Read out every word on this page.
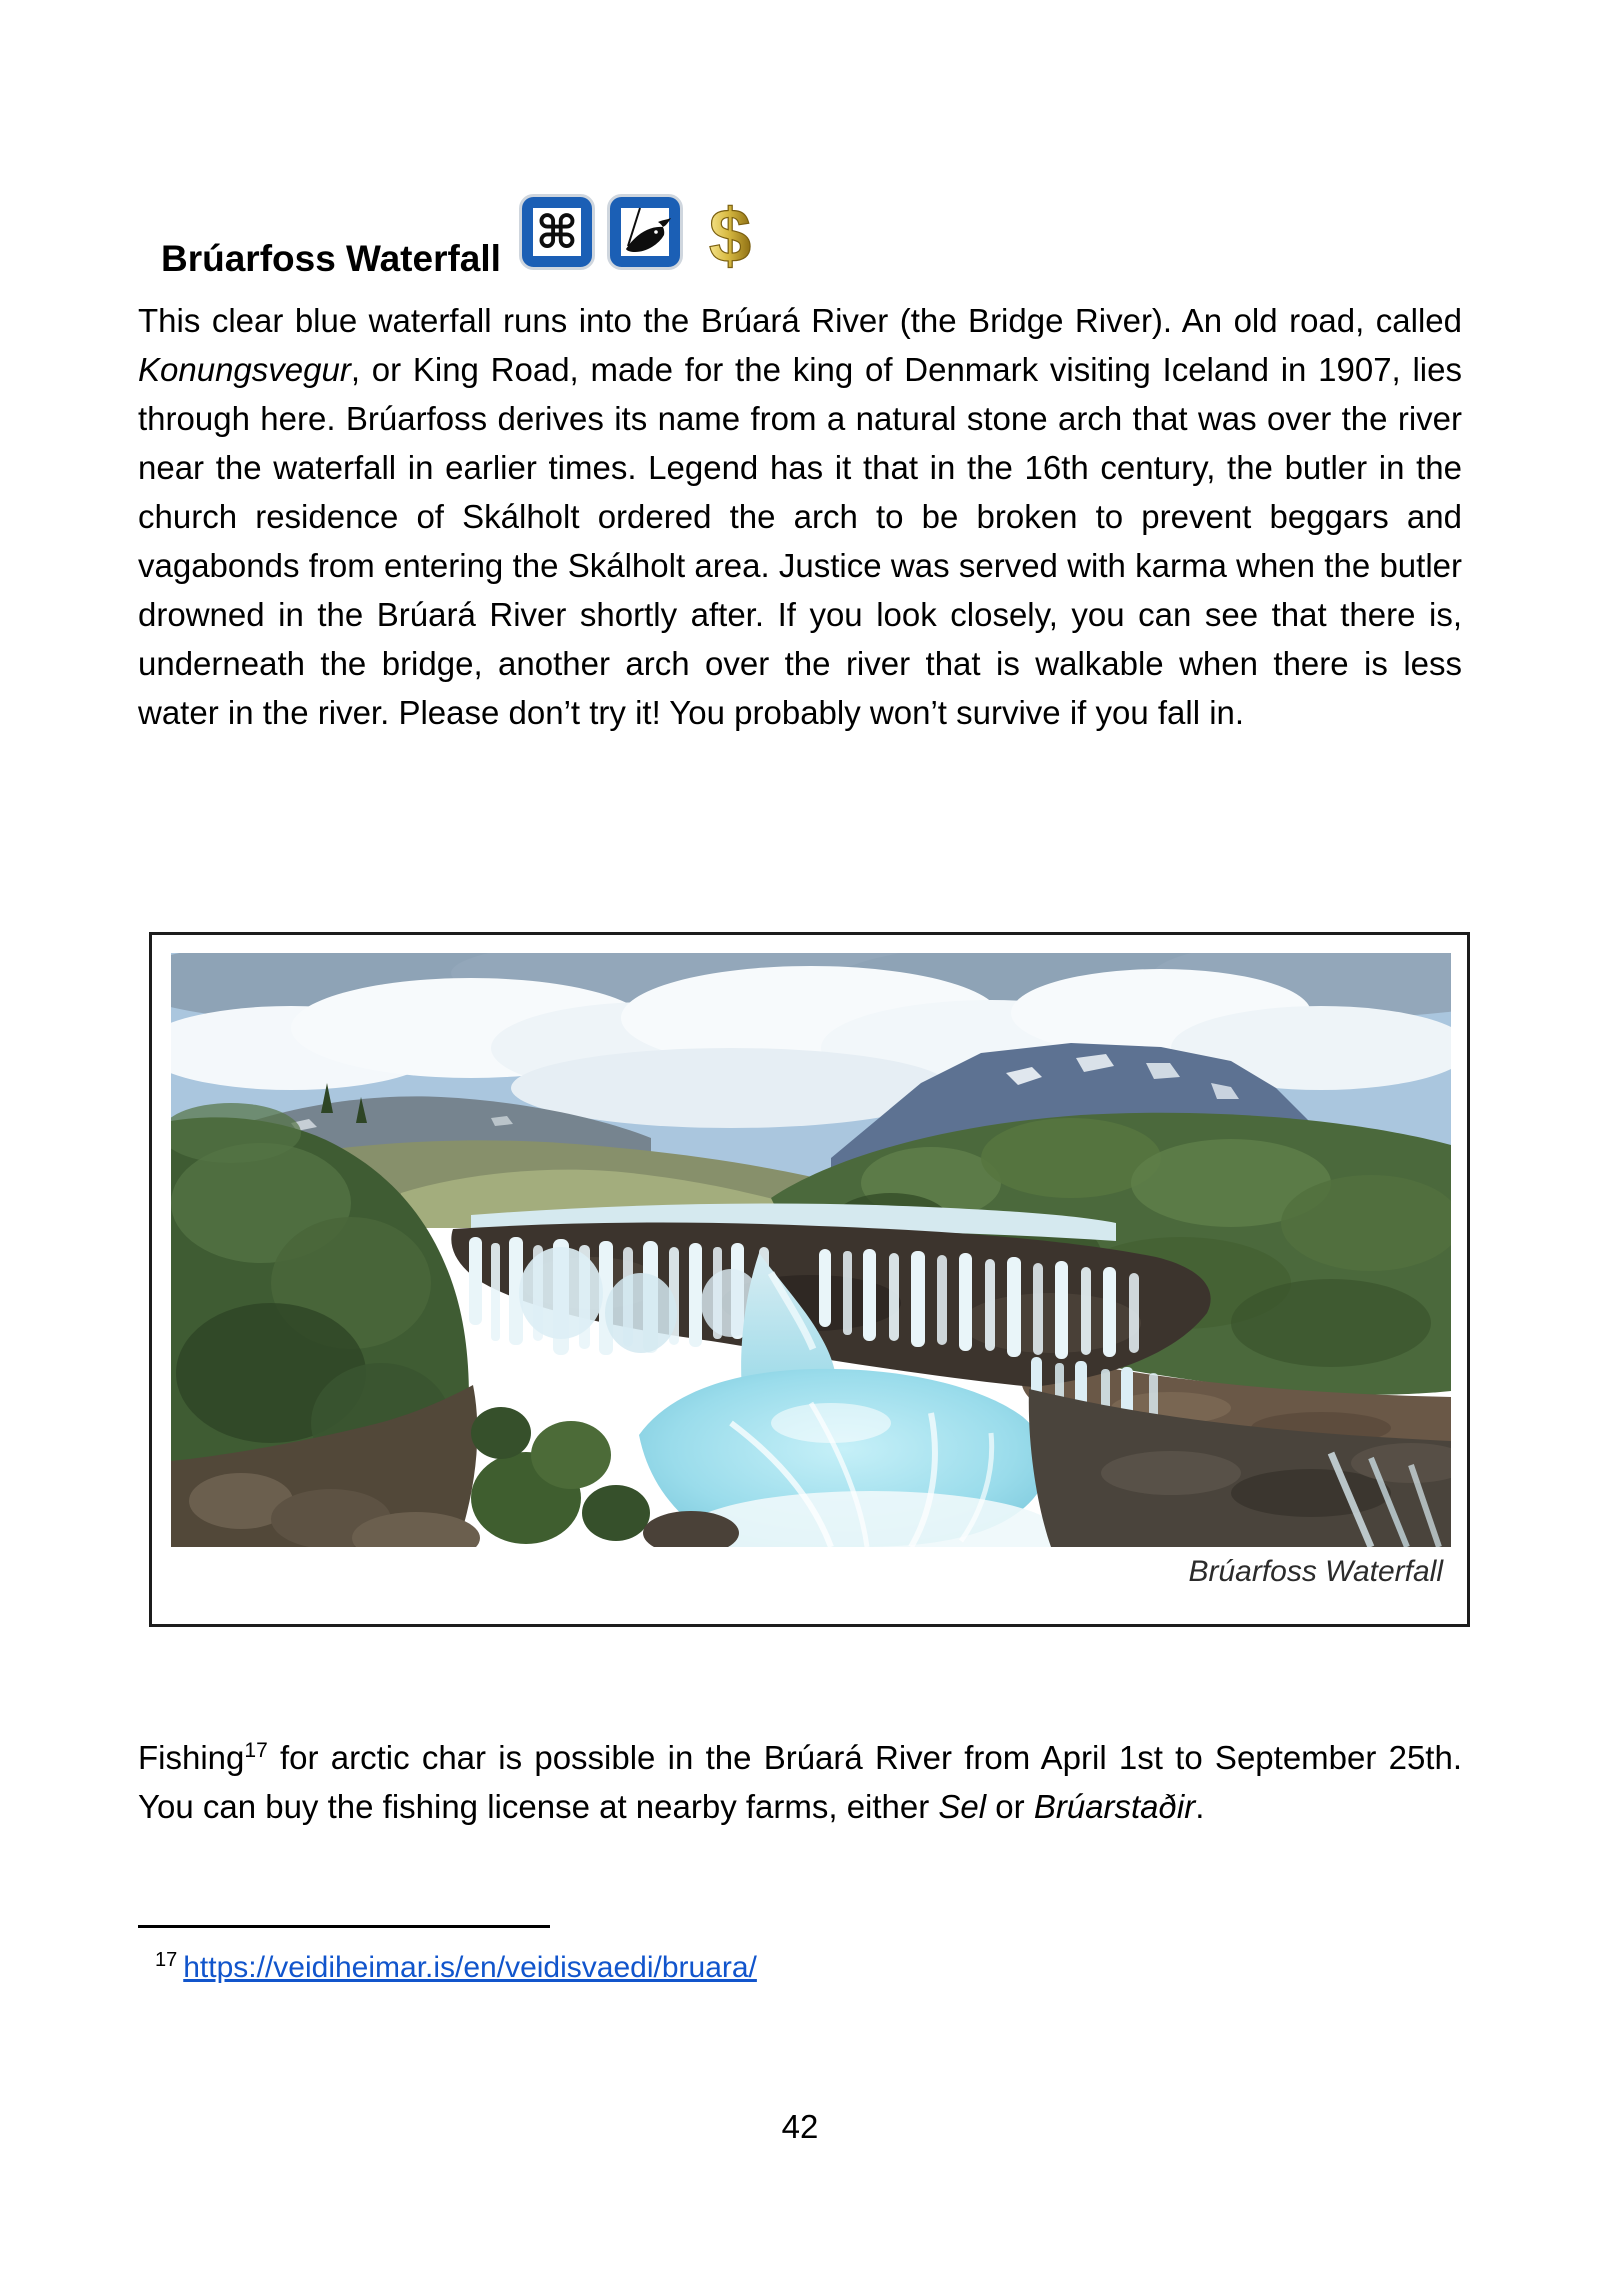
Brúarfoss Waterfall ⌘ $

This clear blue waterfall runs into the Brúará River (the Bridge River). An old road, called Konungsvegur, or King Road, made for the king of Denmark visiting Iceland in 1907, lies through here. Brúarfoss derives its name from a natural stone arch that was over the river near the waterfall in earlier times. Legend has it that in the 16th century, the butler in the church residence of Skálholt ordered the arch to be broken to prevent beggars and vagabonds from entering the Skálholt area. Justice was served with karma when the butler drowned in the Brúará River shortly after. If you look closely, you can see that there is, underneath the bridge, another arch over the river that is walkable when there is less water in the river. Please don’t try it! You probably won’t survive if you fall in.

Brúarfoss Waterfall

Fishing$^{17}$ for arctic char is possible in the Brúará River from April 1st to September 25th. You can buy the fishing license at nearby farms, either Sel or Brúarstaðir.

$^{17}$ https://veidiheimar.is/en/veidisvaedi/bruara/
42
